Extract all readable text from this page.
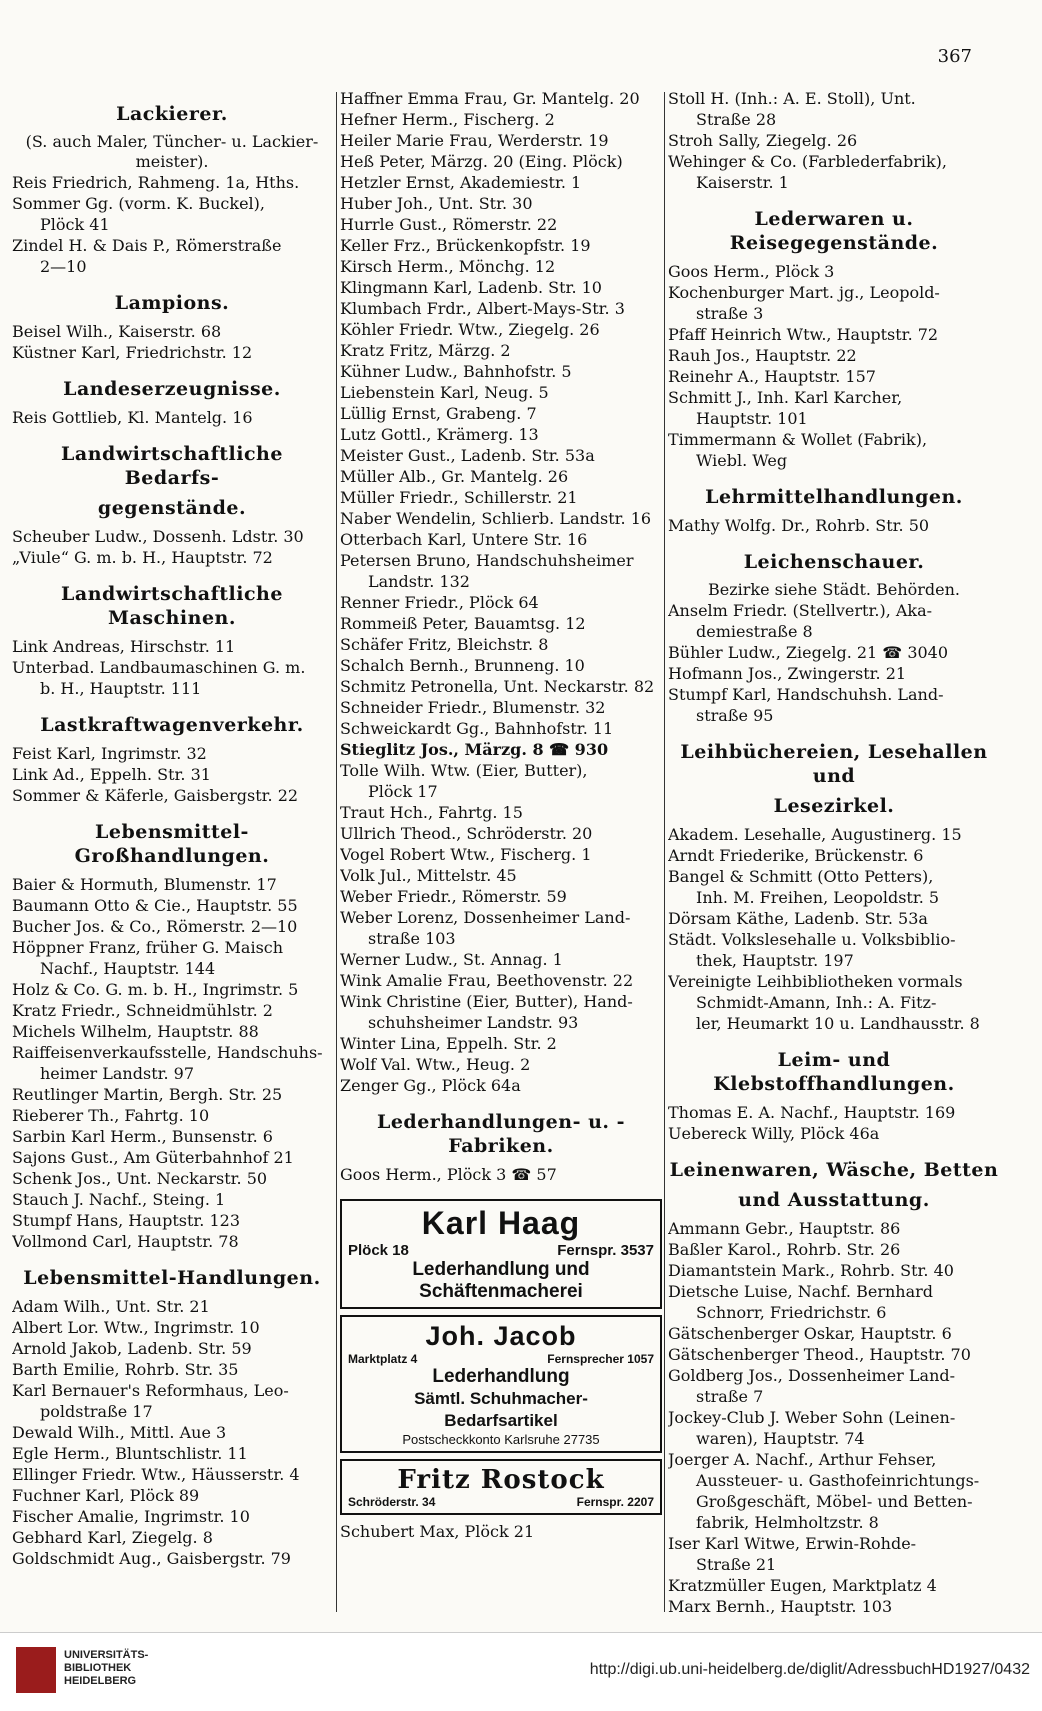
367
Lackierer.
(S. auch Maler, Tüncher- u. Lackier-
meister).
Reis Friedrich, Rahmeng. 1a, Hths.
Sommer Gg. (vorm. K. Buckel),
Plöck 41
Zindel H. & Dais P., Römerstraße
2—10
Lampions.
Beisel Wilh., Kaiserstr. 68
Küstner Karl, Friedrichstr. 12
Landeserzeugnisse.
Reis Gottlieb, Kl. Mantelg. 16
Landwirtschaftliche Bedarfs-
gegenstände.
Scheuber Ludw., Dossenh. Ldstr. 30
„Viule“ G. m. b. H., Hauptstr. 72
Landwirtschaftliche Maschinen.
Link Andreas, Hirschstr. 11
Unterbad. Landbaumaschinen G. m.
b. H., Hauptstr. 111
Lastkraftwagenverkehr.
Feist Karl, Ingrimstr. 32
Link Ad., Eppelh. Str. 31
Sommer & Käferle, Gaisbergstr. 22
Lebensmittel-Großhandlungen.
Baier & Hormuth, Blumenstr. 17
Baumann Otto & Cie., Hauptstr. 55
Bucher Jos. & Co., Römerstr. 2—10
Höppner Franz, früher G. Maisch
Nachf., Hauptstr. 144
Holz & Co. G. m. b. H., Ingrimstr. 5
Kratz Friedr., Schneidmühlstr. 2
Michels Wilhelm, Hauptstr. 88
Raiffeisenverkaufsstelle, Handschuhs-
heimer Landstr. 97
Reutlinger Martin, Bergh. Str. 25
Rieberer Th., Fahrtg. 10
Sarbin Karl Herm., Bunsenstr. 6
Sajons Gust., Am Güterbahnhof 21
Schenk Jos., Unt. Neckarstr. 50
Stauch J. Nachf., Steing. 1
Stumpf Hans, Hauptstr. 123
Vollmond Carl, Hauptstr. 78
Lebensmittel-Handlungen.
Adam Wilh., Unt. Str. 21
Albert Lor. Wtw., Ingrimstr. 10
Arnold Jakob, Ladenb. Str. 59
Barth Emilie, Rohrb. Str. 35
Karl Bernauer's Reformhaus, Leo-
poldstraße 17
Dewald Wilh., Mittl. Aue 3
Egle Herm., Bluntschlistr. 11
Ellinger Friedr. Wtw., Häusserstr. 4
Fuchner Karl, Plöck 89
Fischer Amalie, Ingrimstr. 10
Gebhard Karl, Ziegelg. 8
Goldschmidt Aug., Gaisbergstr. 79
Haffner Emma Frau, Gr. Mantelg. 20
Hefner Herm., Fischerg. 2
Heiler Marie Frau, Werderstr. 19
Heß Peter, Märzg. 20 (Eing. Plöck)
Hetzler Ernst, Akademiestr. 1
Huber Joh., Unt. Str. 30
Hurrle Gust., Römerstr. 22
Keller Frz., Brückenkopfstr. 19
Kirsch Herm., Mönchg. 12
Klingmann Karl, Ladenb. Str. 10
Klumbach Frdr., Albert-Mays-Str. 3
Köhler Friedr. Wtw., Ziegelg. 26
Kratz Fritz, Märzg. 2
Kühner Ludw., Bahnhofstr. 5
Liebenstein Karl, Neug. 5
Lüllig Ernst, Grabeng. 7
Lutz Gottl., Krämerg. 13
Meister Gust., Ladenb. Str. 53a
Müller Alb., Gr. Mantelg. 26
Müller Friedr., Schillerstr. 21
Naber Wendelin, Schlierb. Landstr. 16
Otterbach Karl, Untere Str. 16
Petersen Bruno, Handschuhsheimer
Landstr. 132
Renner Friedr., Plöck 64
Rommeiß Peter, Bauamtsg. 12
Schäfer Fritz, Bleichstr. 8
Schalch Bernh., Brunneng. 10
Schmitz Petronella, Unt. Neckarstr. 82
Schneider Friedr., Blumenstr. 32
Schweickardt Gg., Bahnhofstr. 11
Stieglitz Jos., Märzg. 8 ☎ 930
Tolle Wilh. Wtw. (Eier, Butter),
Plöck 17
Traut Hch., Fahrtg. 15
Ullrich Theod., Schröderstr. 20
Vogel Robert Wtw., Fischerg. 1
Volk Jul., Mittelstr. 45
Weber Friedr., Römerstr. 59
Weber Lorenz, Dossenheimer Land-
straße 103
Werner Ludw., St. Annag. 1
Wink Amalie Frau, Beethovenstr. 22
Wink Christine (Eier, Butter), Hand-
schuhsheimer Landstr. 93
Winter Lina, Eppelh. Str. 2
Wolf Val. Wtw., Heug. 2
Zenger Gg., Plöck 64a
Lederhandlungen- u. -Fabriken.
Goos Herm., Plöck 3 ☎ 57
Karl Haag
Plöck 18	Fernspr. 3537
Lederhandlung und
Schäftenmacherei
Joh. Jacob
Marktplatz 4	Fernsprecher 1057
Lederhandlung
Sämtl. Schuhmacher-
Bedarfsartikel
Postscheckkonto Karlsruhe 27735
Fritz Rostock
Schröderstr. 34	Fernspr. 2207
Schubert Max, Plöck 21
Stoll H. (Inh.: A. E. Stoll), Unt.
Straße 28
Stroh Sally, Ziegelg. 26
Wehinger & Co. (Farblederfabrik),
Kaiserstr. 1
Lederwaren u. Reisegegenstände.
Goos Herm., Plöck 3
Kochenburger Mart. jg., Leopold-
straße 3
Pfaff Heinrich Wtw., Hauptstr. 72
Rauh Jos., Hauptstr. 22
Reinehr A., Hauptstr. 157
Schmitt J., Inh. Karl Karcher,
Hauptstr. 101
Timmermann & Wollet (Fabrik),
Wiebl. Weg
Lehrmittelhandlungen.
Mathy Wolfg. Dr., Rohrb. Str. 50
Leichenschauer.
Bezirke siehe Städt. Behörden.
Anselm Friedr. (Stellvertr.), Aka-
demiestraße 8
Bühler Ludw., Ziegelg. 21 ☎ 3040
Hofmann Jos., Zwingerstr. 21
Stumpf Karl, Handschuhsh. Land-
straße 95
Leihbüchereien, Lesehallen und
Lesezirkel.
Akadem. Lesehalle, Augustinerg. 15
Arndt Friederike, Brückenstr. 6
Bangel & Schmitt (Otto Petters),
Inh. M. Freihen, Leopoldstr. 5
Dörsam Käthe, Ladenb. Str. 53a
Städt. Volkslesehalle u. Volksbiblio-
thek, Hauptstr. 197
Vereinigte Leihbibliotheken vormals
Schmidt-Amann, Inh.: A. Fitz-
ler, Heumarkt 10 u. Landhausstr. 8
Leim- und Klebstoffhandlungen.
Thomas E. A. Nachf., Hauptstr. 169
Uebereck Willy, Plöck 46a
Leinenwaren, Wäsche, Betten
und Ausstattung.
Ammann Gebr., Hauptstr. 86
Baßler Karol., Rohrb. Str. 26
Diamantstein Mark., Rohrb. Str. 40
Dietsche Luise, Nachf. Bernhard
Schnorr, Friedrichstr. 6
Gätschenberger Oskar, Hauptstr. 6
Gätschenberger Theod., Hauptstr. 70
Goldberg Jos., Dossenheimer Land-
straße 7
Jockey-Club J. Weber Sohn (Leinen-
waren), Hauptstr. 74
Joerger A. Nachf., Arthur Fehser,
Aussteuer- u. Gasthofeinrichtungs-
Großgeschäft, Möbel- und Betten-
fabrik, Helmholtzstr. 8
Iser Karl Witwe, Erwin-Rohde-
Straße 21
Kratzmüller Eugen, Marktplatz 4
Marx Bernh., Hauptstr. 103
UNIVERSITÄTS-
BIBLIOTHEK
HEIDELBERG
http://digi.ub.uni-heidelberg.de/diglit/AdressbuchHD1927/0432
